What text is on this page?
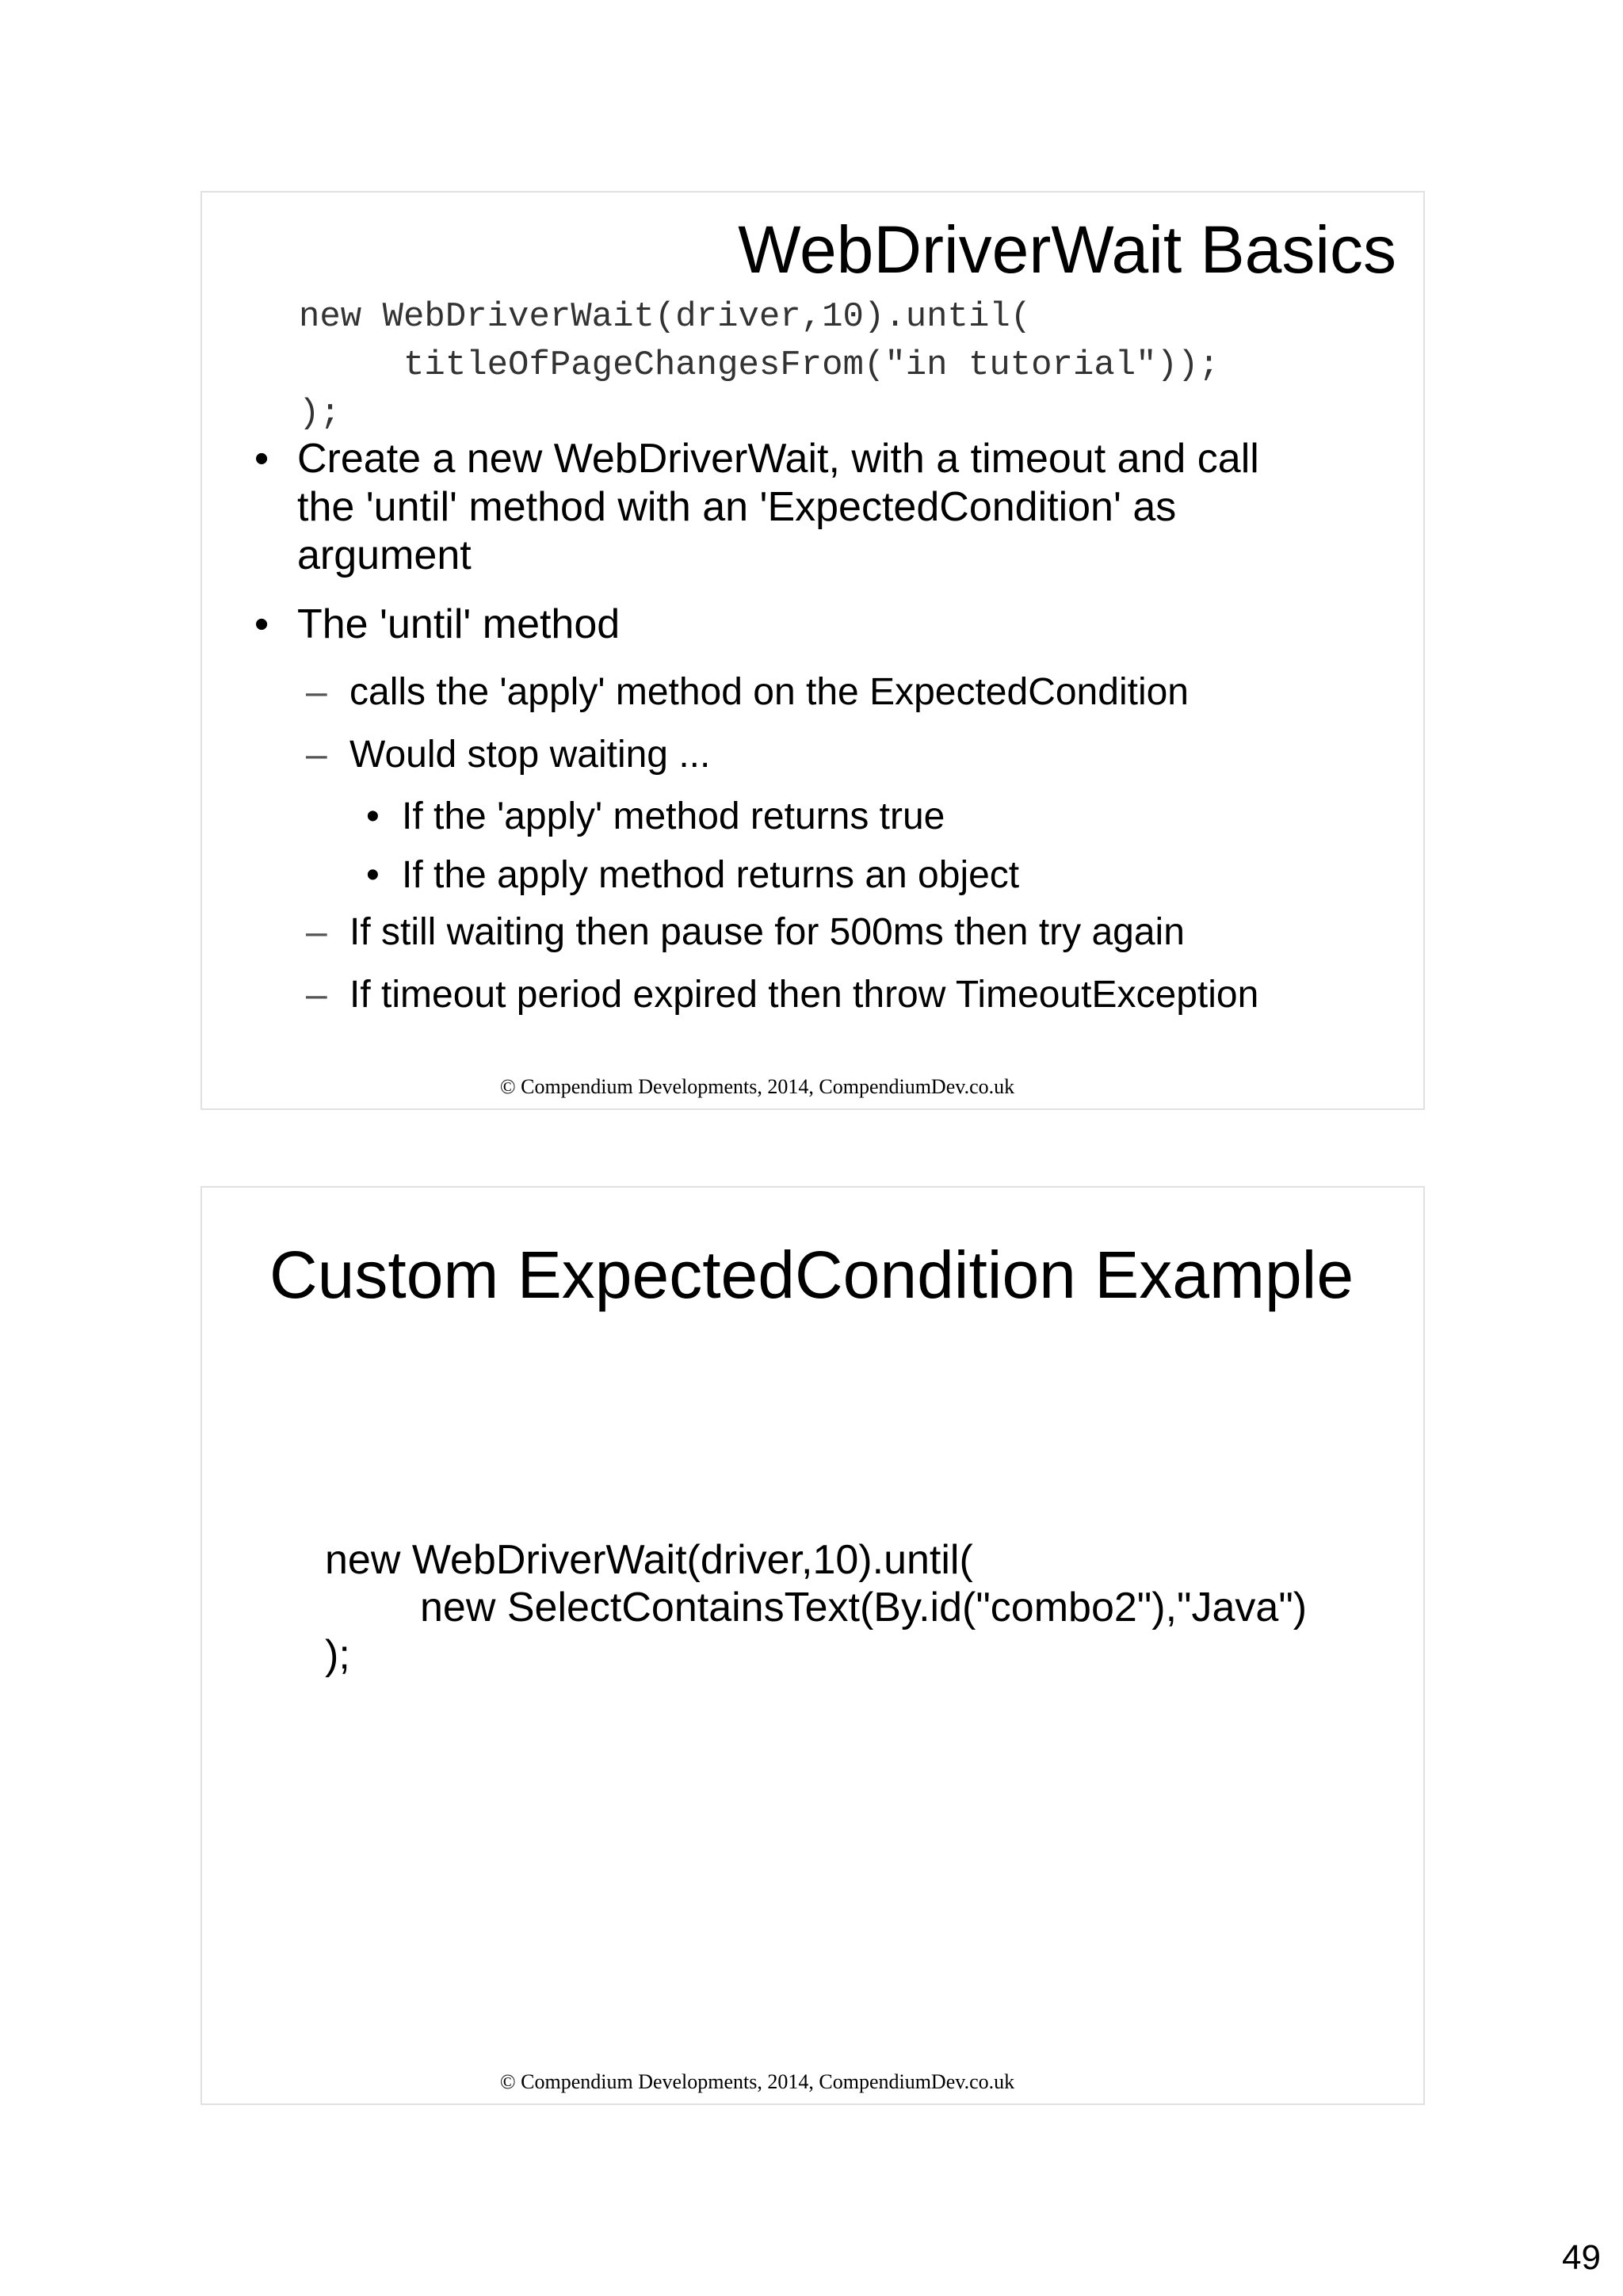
WebDriverWait Basics
new WebDriverWait(driver,10).until(
titleOfPageChangesFrom("in tutorial"));
);
• Create a new WebDriverWait, with a timeout and call
the 'until' method with an 'ExpectedCondition' as
argument
• The 'until' method
– calls the 'apply' method on the ExpectedCondition
– Would stop waiting ...
• If the 'apply' method returns true
• If the apply method returns an object
– If still waiting then pause for 500ms then try again
– If timeout period expired then throw TimeoutException
© Compendium Developments, 2014, CompendiumDev.co.uk
Custom ExpectedCondition Example
new WebDriverWait(driver,10).until(
new SelectContainsText(By.id("combo2"),"Java")
);
© Compendium Developments, 2014, CompendiumDev.co.uk
49
